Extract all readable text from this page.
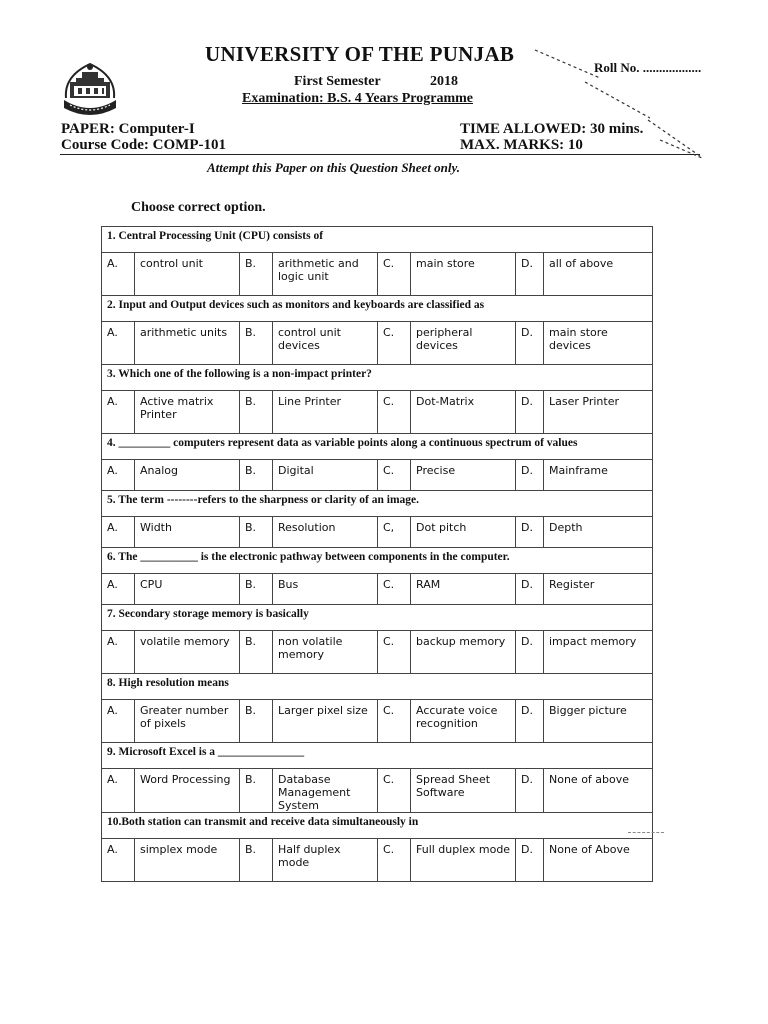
UNIVERSITY OF THE PUNJAB
Roll No. ..................
First Semester	2018
Examination: B.S. 4 Years Programme
PAPER: Computer-I
Course Code: COMP-101
TIME ALLOWED: 30 mins.
MAX. MARKS: 10
Attempt this Paper on this Question Sheet only.
Choose correct option.
1. Central Processing Unit (CPU) consists of							
A.	control unit	B.	arithmetic and logic unit	C.	main store	D.	all of above
2. Input and Output devices such as monitors and keyboards are classified as							
A.	arithmetic units	B.	control unit devices	C.	peripheral devices	D.	main store devices
3. Which one of the following is a non-impact printer?							
A.	Active matrix Printer	B.	Line Printer	C.	Dot-Matrix	D.	Laser Printer
4. _________ computers represent data as variable points along a continuous spectrum of values							
A.	Analog	B.	Digital	C.	Precise	D.	Mainframe
5. The term --------refers to the sharpness or clarity of an image.							
A.	Width	B.	Resolution	C,	Dot pitch	D.	Depth
6. The __________ is the electronic pathway between components in the computer.							
A.	CPU	B.	Bus	C.	RAM	D.	Register
7. Secondary storage memory is basically							
A.	volatile memory	B.	non volatile memory	C.	backup memory	D.	impact memory
8. High resolution means							
A.	Greater number of pixels	B.	Larger pixel size	C.	Accurate voice recognition	D.	Bigger picture
9. Microsoft Excel is a _______________							
A.	Word Processing	B.	Database Management System	C.	Spread Sheet Software	D.	None of above
10.Both station can transmit and receive data simultaneously in							
A.	simplex mode	B.	Half duplex mode	C.	Full duplex mode	D.	None of Above
